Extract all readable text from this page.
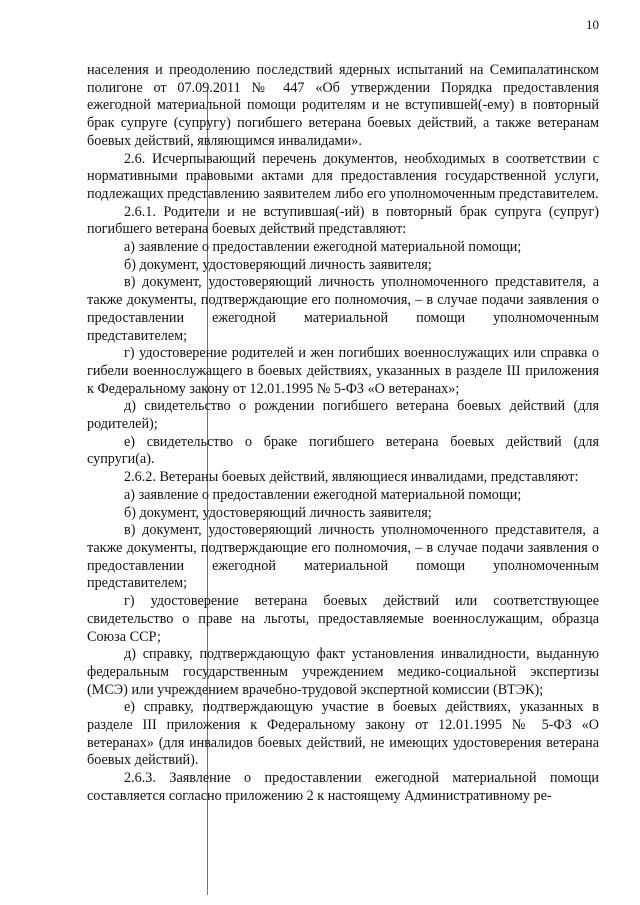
10

населения и преодолению последствий ядерных испытаний на Семипалатинском полигоне от 07.09.2011 № 447 «Об утверждении Порядка предоставления ежегодной материальной помощи родителям и не вступившей(-ему) в повторный брак супруге (супругу) погибшего ветерана боевых действий, а также ветеранам боевых действий, являющимся инвалидами».

2.6. Исчерпывающий перечень документов, необходимых в соответствии с нормативными правовыми актами для предоставления государственной услуги, подлежащих представлению заявителем либо его уполномоченным представителем.

2.6.1. Родители и не вступившая(-ий) в повторный брак супруга (супруг) погибшего ветерана боевых действий представляют:

а) заявление о предоставлении ежегодной материальной помощи;

б) документ, удостоверяющий личность заявителя;

в) документ, удостоверяющий личность уполномоченного представителя, а также документы, подтверждающие его полномочия, – в случае подачи заявления о предоставлении ежегодной материальной помощи уполномоченным представителем;

г) удостоверение родителей и жен погибших военнослужащих или справка о гибели военнослужащего в боевых действиях, указанных в разделе III приложения к Федеральному закону от 12.01.1995 № 5-ФЗ «О ветеранах»;

д) свидетельство о рождении погибшего ветерана боевых действий (для родителей);

е) свидетельство о браке погибшего ветерана боевых действий (для супруги(а).

2.6.2. Ветераны боевых действий, являющиеся инвалидами, представляют:

а) заявление о предоставлении ежегодной материальной помощи;

б) документ, удостоверяющий личность заявителя;

в) документ, удостоверяющий личность уполномоченного представителя, а также документы, подтверждающие его полномочия, – в случае подачи заявления о предоставлении ежегодной материальной помощи уполномоченным представителем;

г) удостоверение ветерана боевых действий или соответствующее свидетельство о праве на льготы, предоставляемые военнослужащим, образца Союза ССР;

д) справку, подтверждающую факт установления инвалидности, выданную федеральным государственным учреждением медико-социальной экспертизы (МСЭ) или учреждением врачебно-трудовой экспертной комиссии (ВТЭК);

е) справку, подтверждающую участие в боевых действиях, указанных в разделе III приложения к Федеральному закону от 12.01.1995 № 5-ФЗ «О ветеранах» (для инвалидов боевых действий, не имеющих удостоверения ветерана боевых действий).

2.6.3. Заявление о предоставлении ежегодной материальной помощи составляется согласно приложению 2 к настоящему Административному ре-
